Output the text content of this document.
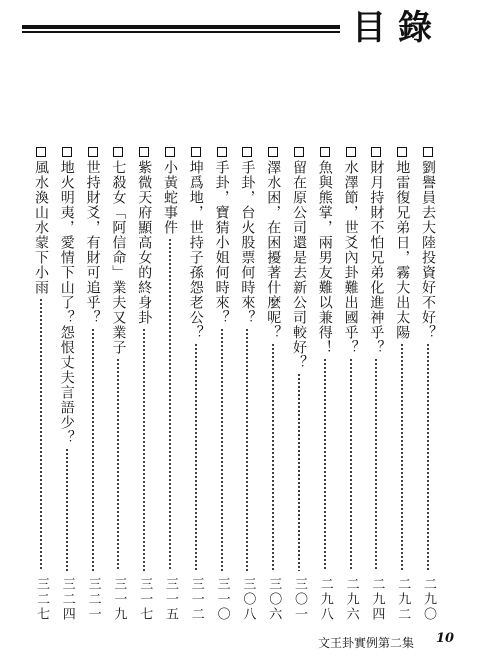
目錄
劉譽員去大陸投資好不好？
二九〇
地雷復兄弟日，霧大出太陽
二九二
財月持財不怕兄弟化進神乎？
二九四
水澤節，世爻內卦難出國乎？
二九六
魚與熊掌，兩男友難以兼得！
二九八
留在原公司還是去新公司較好？
三〇一
澤水困，在困擾著什麼呢？
三〇六
手卦，台火股票何時來？
三〇八
手卦，寶猜小姐何時來？
三一〇
坤爲地，世持子孫怨老公？
三一二
小黃蛇事件
三一五
紫微天府顯高女的終身卦
三一七
七殺女「阿信命」業夫又業子
三一九
世持財爻，有財可追乎？
三二一
地火明夷，愛情下山了？怨恨丈夫言語少？
三二四
風水渙山水蒙下小雨
三二七
文王卦實例第二集 10
